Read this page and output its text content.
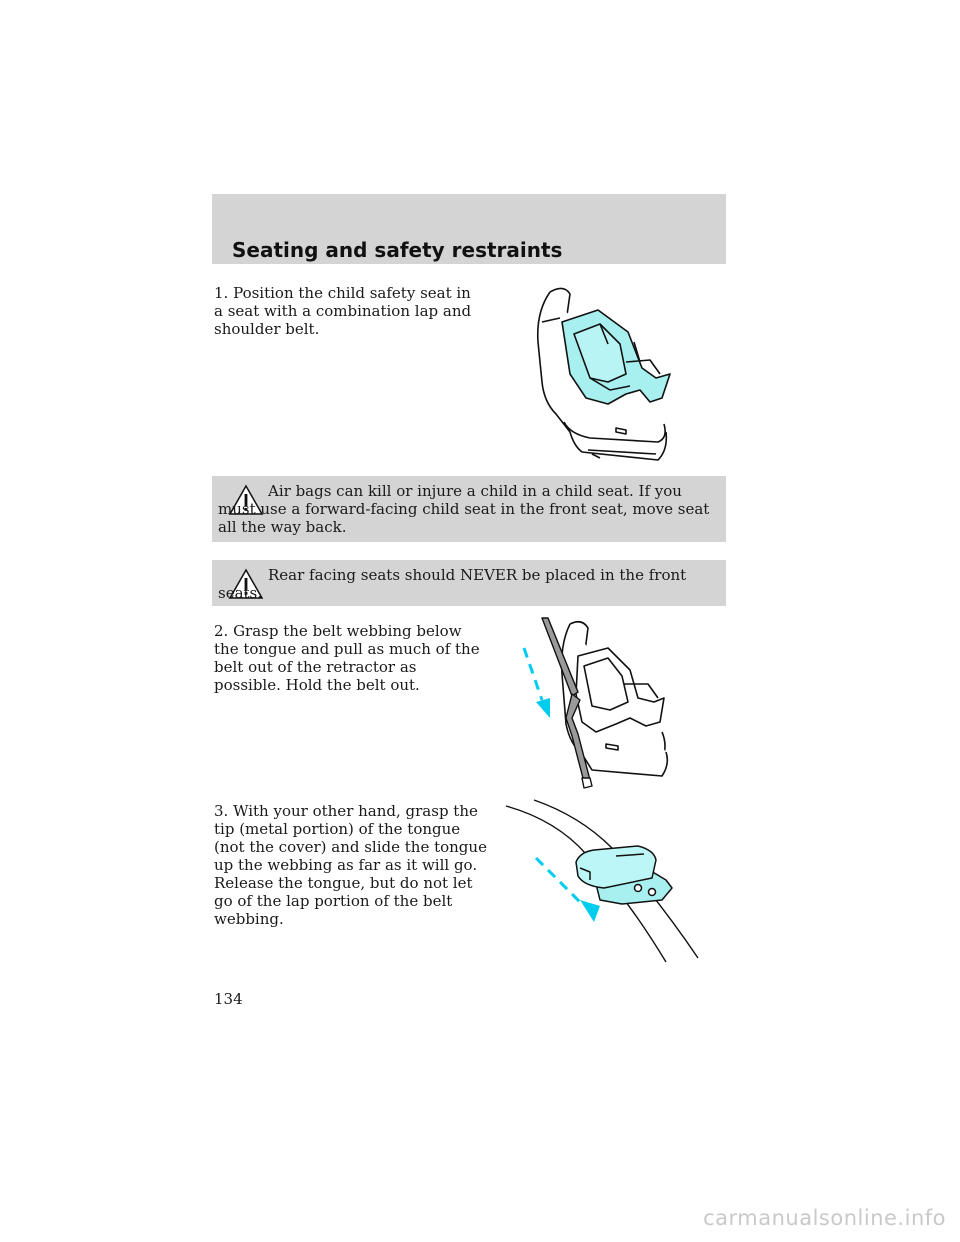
Seating and safety restraints

1. Position the child safety seat in a seat with a combination lap and shoulder belt.

Air bags can kill or injure a child in a child seat. If you must use a forward-facing child seat in the front seat, move seat all the way back.

Rear facing seats should NEVER be placed in the front seats.

2. Grasp the belt webbing below the tongue and pull as much of the belt out of the retractor as possible. Hold the belt out.

3. With your other hand, grasp the tip (metal portion) of the tongue (not the cover) and slide the tongue up the webbing as far as it will go. Release the tongue, but do not let go of the lap portion of the belt webbing.

134
carmanualsonline.info
